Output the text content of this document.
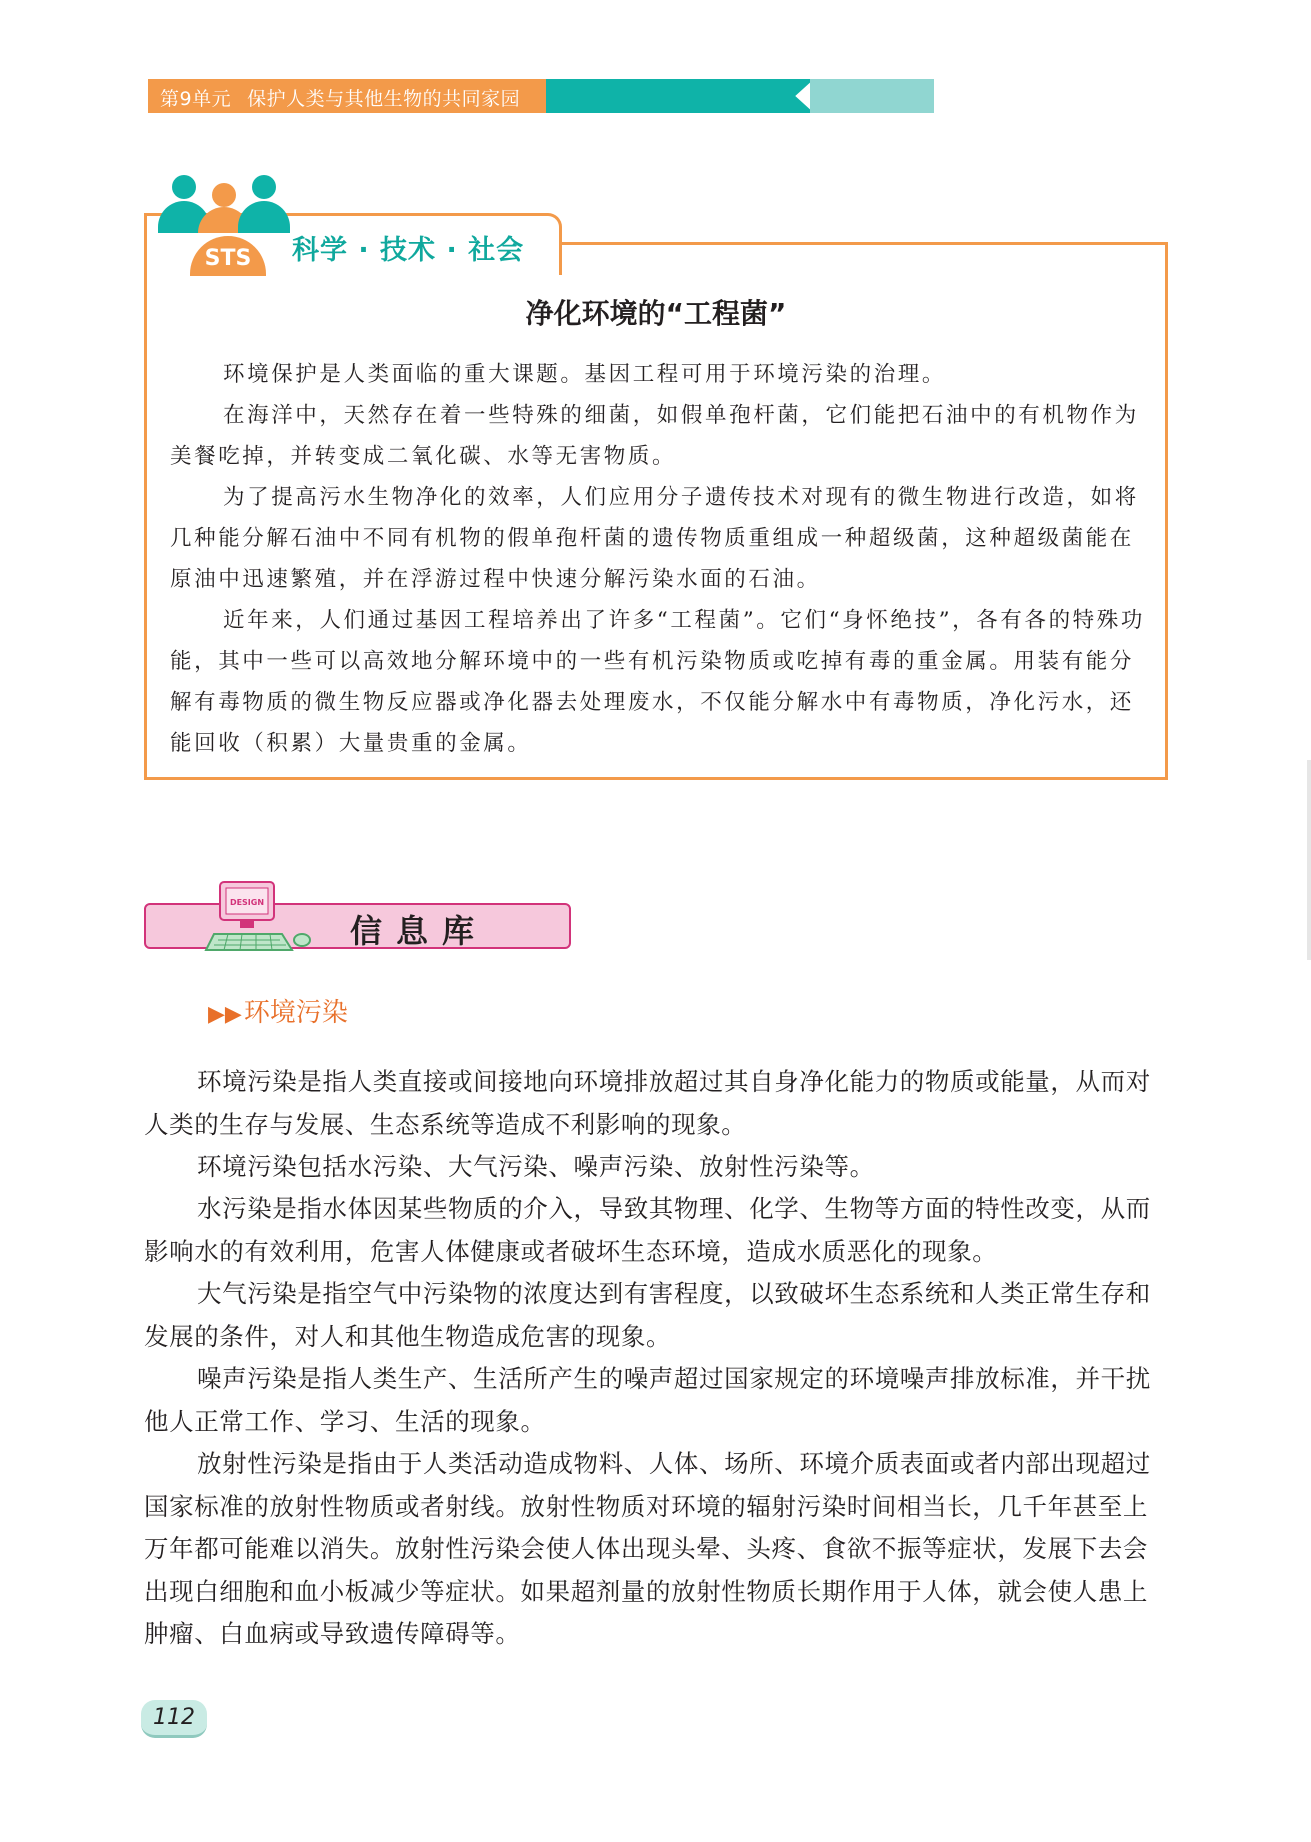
第9单元 保护人类与其他生物的共同家园
STS	科学 · 技术 · 社会
净化环境的“工程菌”

环境保护是人类面临的重大课题。基因工程可用于环境污染的治理。

在海洋中，天然存在着一些特殊的细菌，如假单孢杆菌，它们能把石油中的有机物作为美餐吃掉，并转变成二氧化碳、水等无害物质。

为了提高污水生物净化的效率，人们应用分子遗传技术对现有的微生物进行改造，如将几种能分解石油中不同有机物的假单孢杆菌的遗传物质重组成一种超级菌，这种超级菌能在原油中迅速繁殖，并在浮游过程中快速分解污染水面的石油。

近年来，人们通过基因工程培养出了许多“工程菌”。它们“身怀绝技”，各有各的特殊功能，其中一些可以高效地分解环境中的一些有机污染物质或吃掉有毒的重金属。用装有能分解有毒物质的微生物反应器或净化器去处理废水，不仅能分解水中有毒物质，净化污水，还能回收（积累）大量贵重的金属。

DESIGN
信息库
▶▶环境污染

环境污染是指人类直接或间接地向环境排放超过其自身净化能力的物质或能量，从而对人类的生存与发展、生态系统等造成不利影响的现象。

环境污染包括水污染、大气污染、噪声污染、放射性污染等。

水污染是指水体因某些物质的介入，导致其物理、化学、生物等方面的特性改变，从而影响水的有效利用，危害人体健康或者破坏生态环境，造成水质恶化的现象。

大气污染是指空气中污染物的浓度达到有害程度，以致破坏生态系统和人类正常生存和发展的条件，对人和其他生物造成危害的现象。

噪声污染是指人类生产、生活所产生的噪声超过国家规定的环境噪声排放标准，并干扰他人正常工作、学习、生活的现象。

放射性污染是指由于人类活动造成物料、人体、场所、环境介质表面或者内部出现超过国家标准的放射性物质或者射线。放射性物质对环境的辐射污染时间相当长，几千年甚至上万年都可能难以消失。放射性污染会使人体出现头晕、头疼、食欲不振等症状，发展下去会出现白细胞和血小板减少等症状。如果超剂量的放射性物质长期作用于人体，就会使人患上肿瘤、白血病或导致遗传障碍等。

112
